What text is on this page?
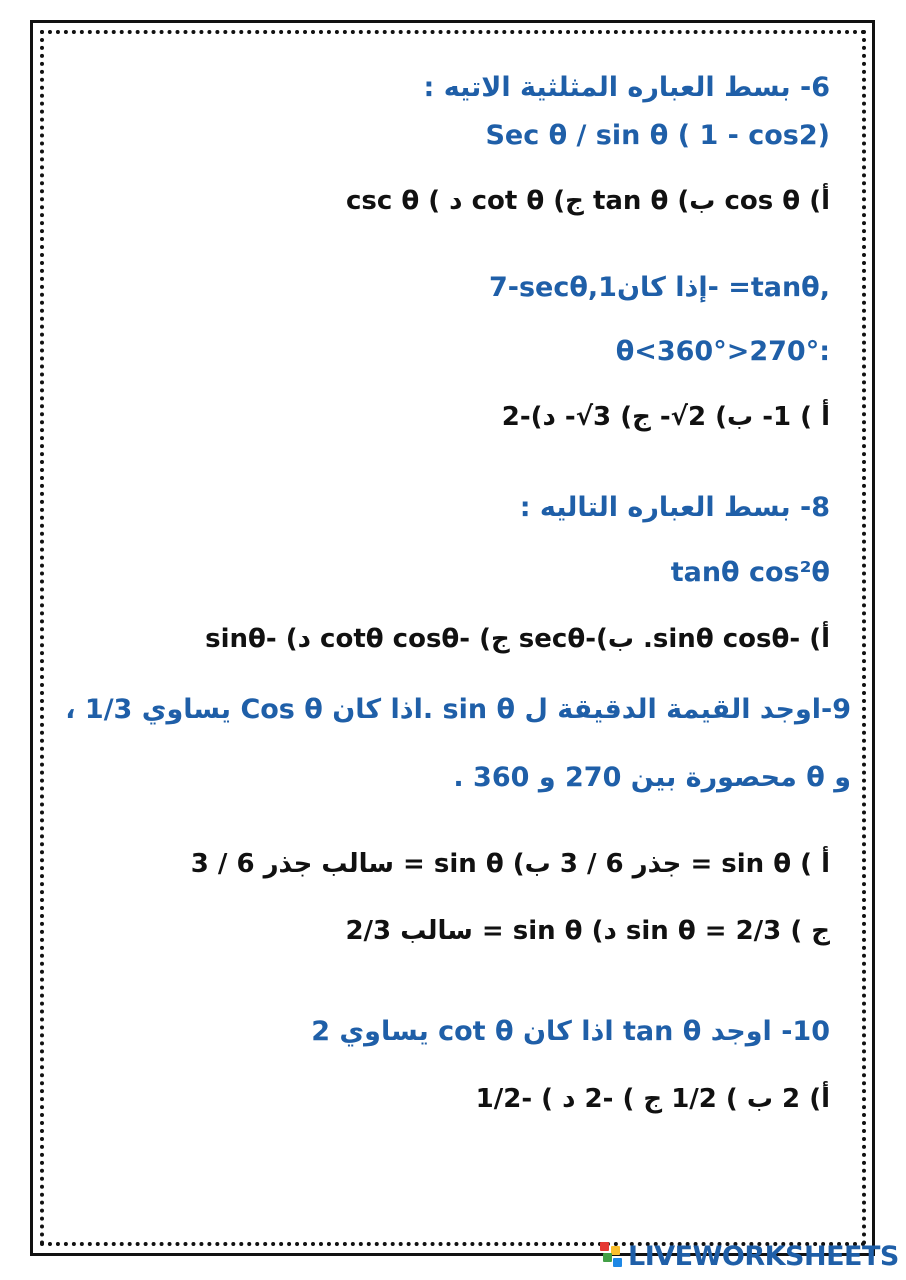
6- بسط العباره المثلثية الاتيه :
Sec θ / sin θ ( 1 - cos2)
أ) cos θ ب) tan θ ج) cot θ د ) csc θ
7-secθ,إذا كان1- =tanθ,
θ<360°>270°:
أ ) 1- ب) 2√- ج) 3√- د)-2
8- بسط العباره التاليه :
tanθ cos²θ
أ) -sinθ cosθ. ب)-secθ ج) -cotθ cosθ د) -sinθ
9-اوجد القيمة الدقيقة ل sin θ .اذا كان Cos θ يساوي 1/3 ،
و θ محصورة بين 270 و 360 .
أ ) sin θ = جذر 6 / 3 ب) sin θ = سالب جذر 6 / 3
ج ) sin θ = 2/3 د) sin θ = سالب 2/3
10- اوجد tan θ اذا كان cot θ يساوي 2
أ) 2 ب ) 1/2 ج ) -2 د ) -1/2
LIVEWORKSHEETS
